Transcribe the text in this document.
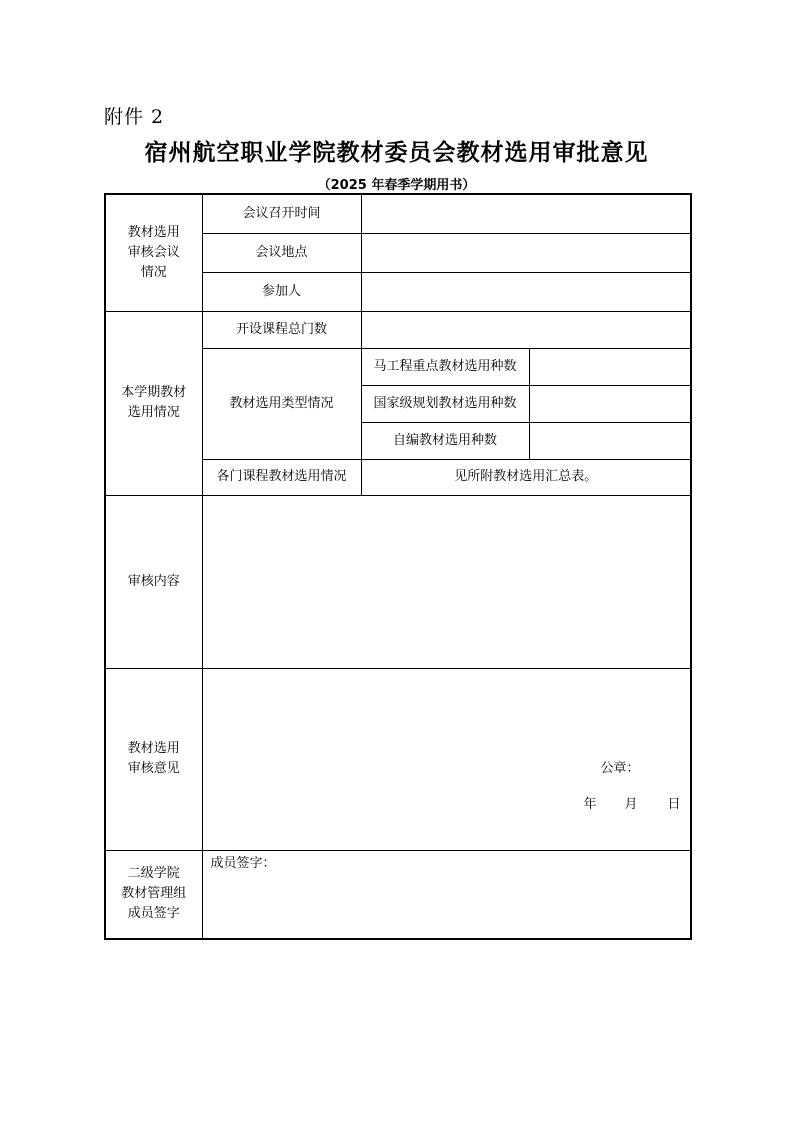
附件 2
宿州航空职业学院教材委员会教材选用审批意见
（2025 年春季学期用书）
教材选用
审核会议
情况	会议召开时间		
	会议地点		
	参加人		
本学期教材
选用情况	开设课程总门数		
	教材选用类型情况	马工程重点教材选用种数	
		国家级规划教材选用种数	
		自编教材选用种数	
	各门课程教材选用情况	见所附教材选用汇总表。	
审核内容			
教材选用
审核意见	公章：
年 月 日		

二级学院
教材管理组
成员签字	成员签字：		
